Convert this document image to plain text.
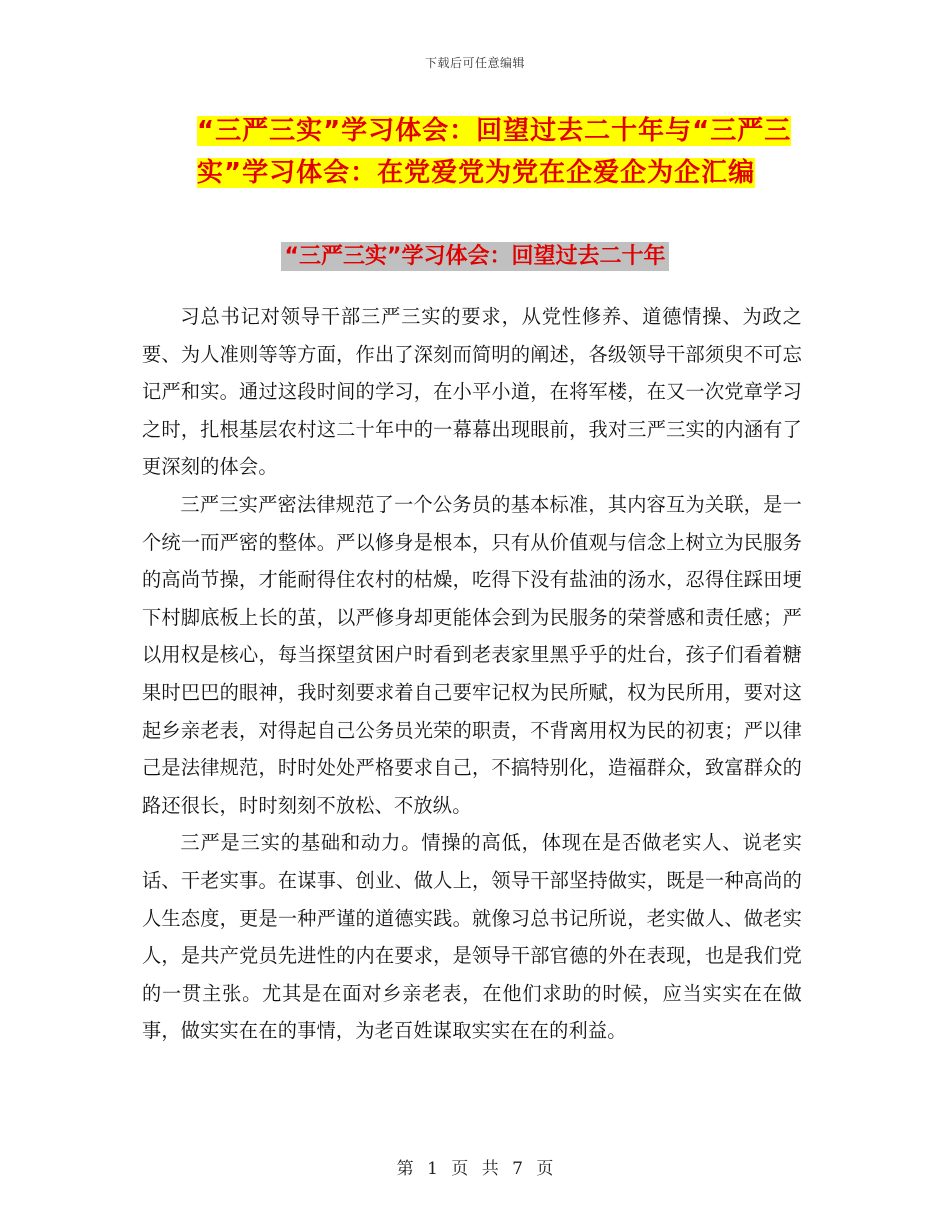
下载后可任意编辑
“三严三实”学习体会：回望过去二十年与“三严三实”学习体会：在党爱党为党在企爱企为企汇编
“三严三实”学习体会：回望过去二十年

习总书记对领导干部三严三实的要求，从党性修养、道德情操、为政之要、为人准则等等方面，作出了深刻而简明的阐述，各级领导干部须臾不可忘记严和实。通过这段时间的学习，在小平小道，在将军楼，在又一次党章学习之时，扎根基层农村这二十年中的一幕幕出现眼前，我对三严三实的内涵有了更深刻的体会。

三严三实严密法律规范了一个公务员的基本标准，其内容互为关联，是一个统一而严密的整体。严以修身是根本，只有从价值观与信念上树立为民服务的高尚节操，才能耐得住农村的枯燥，吃得下没有盐油的汤水，忍得住踩田埂下村脚底板上长的茧，以严修身却更能体会到为民服务的荣誉感和责任感；严以用权是核心，每当探望贫困户时看到老表家里黑乎乎的灶台，孩子们看着糖果时巴巴的眼神，我时刻要求着自己要牢记权为民所赋，权为民所用，要对这起乡亲老表，对得起自己公务员光荣的职责，不背离用权为民的初衷；严以律己是法律规范，时时处处严格要求自己，不搞特别化，造福群众，致富群众的路还很长，时时刻刻不放松、不放纵。

三严是三实的基础和动力。情操的高低，体现在是否做老实人、说老实话、干老实事。在谋事、创业、做人上，领导干部坚持做实，既是一种高尚的人生态度，更是一种严谨的道德实践。就像习总书记所说，老实做人、做老实人，是共产党员先进性的内在要求，是领导干部官德的外在表现，也是我们党的一贯主张。尤其是在面对乡亲老表，在他们求助的时候，应当实实在在做事，做实实在在的事情，为老百姓谋取实实在在的利益。

第 1 页 共 7 页
